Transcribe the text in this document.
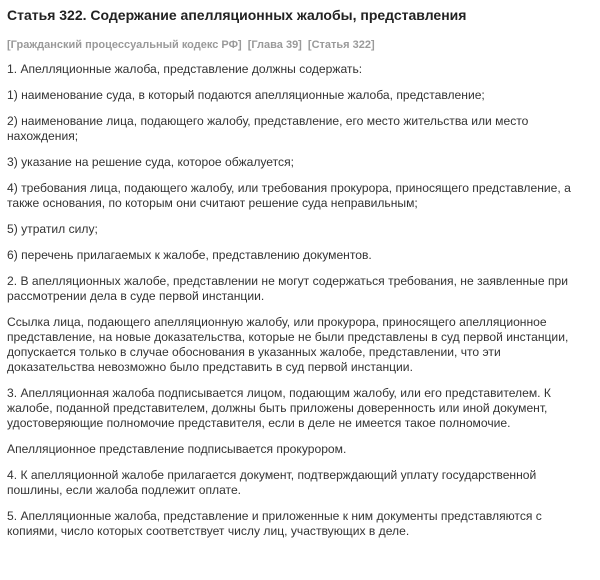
Статья 322. Содержание апелляционных жалобы, представления
[Гражданский процессуальный кодекс РФ] [Глава 39] [Статья 322]

1. Апелляционные жалоба, представление должны содержать:

1) наименование суда, в который подаются апелляционные жалоба, представление;

2) наименование лица, подающего жалобу, представление, его место жительства или место нахождения;

3) указание на решение суда, которое обжалуется;

4) требования лица, подающего жалобу, или требования прокурора, приносящего представление, а также основания, по которым они считают решение суда неправильным;

5) утратил силу;

6) перечень прилагаемых к жалобе, представлению документов.

2. В апелляционных жалобе, представлении не могут содержаться требования, не заявленные при рассмотрении дела в суде первой инстанции.

Ссылка лица, подающего апелляционную жалобу, или прокурора, приносящего апелляционное представление, на новые доказательства, которые не были представлены в суд первой инстанции, допускается только в случае обоснования в указанных жалобе, представлении, что эти доказательства невозможно было представить в суд первой инстанции.

3. Апелляционная жалоба подписывается лицом, подающим жалобу, или его представителем. К жалобе, поданной представителем, должны быть приложены доверенность или иной документ, удостоверяющие полномочие представителя, если в деле не имеется такое полномочие.

Апелляционное представление подписывается прокурором.

4. К апелляционной жалобе прилагается документ, подтверждающий уплату государственной пошлины, если жалоба подлежит оплате.

5. Апелляционные жалоба, представление и приложенные к ним документы представляются с копиями, число которых соответствует числу лиц, участвующих в деле.
